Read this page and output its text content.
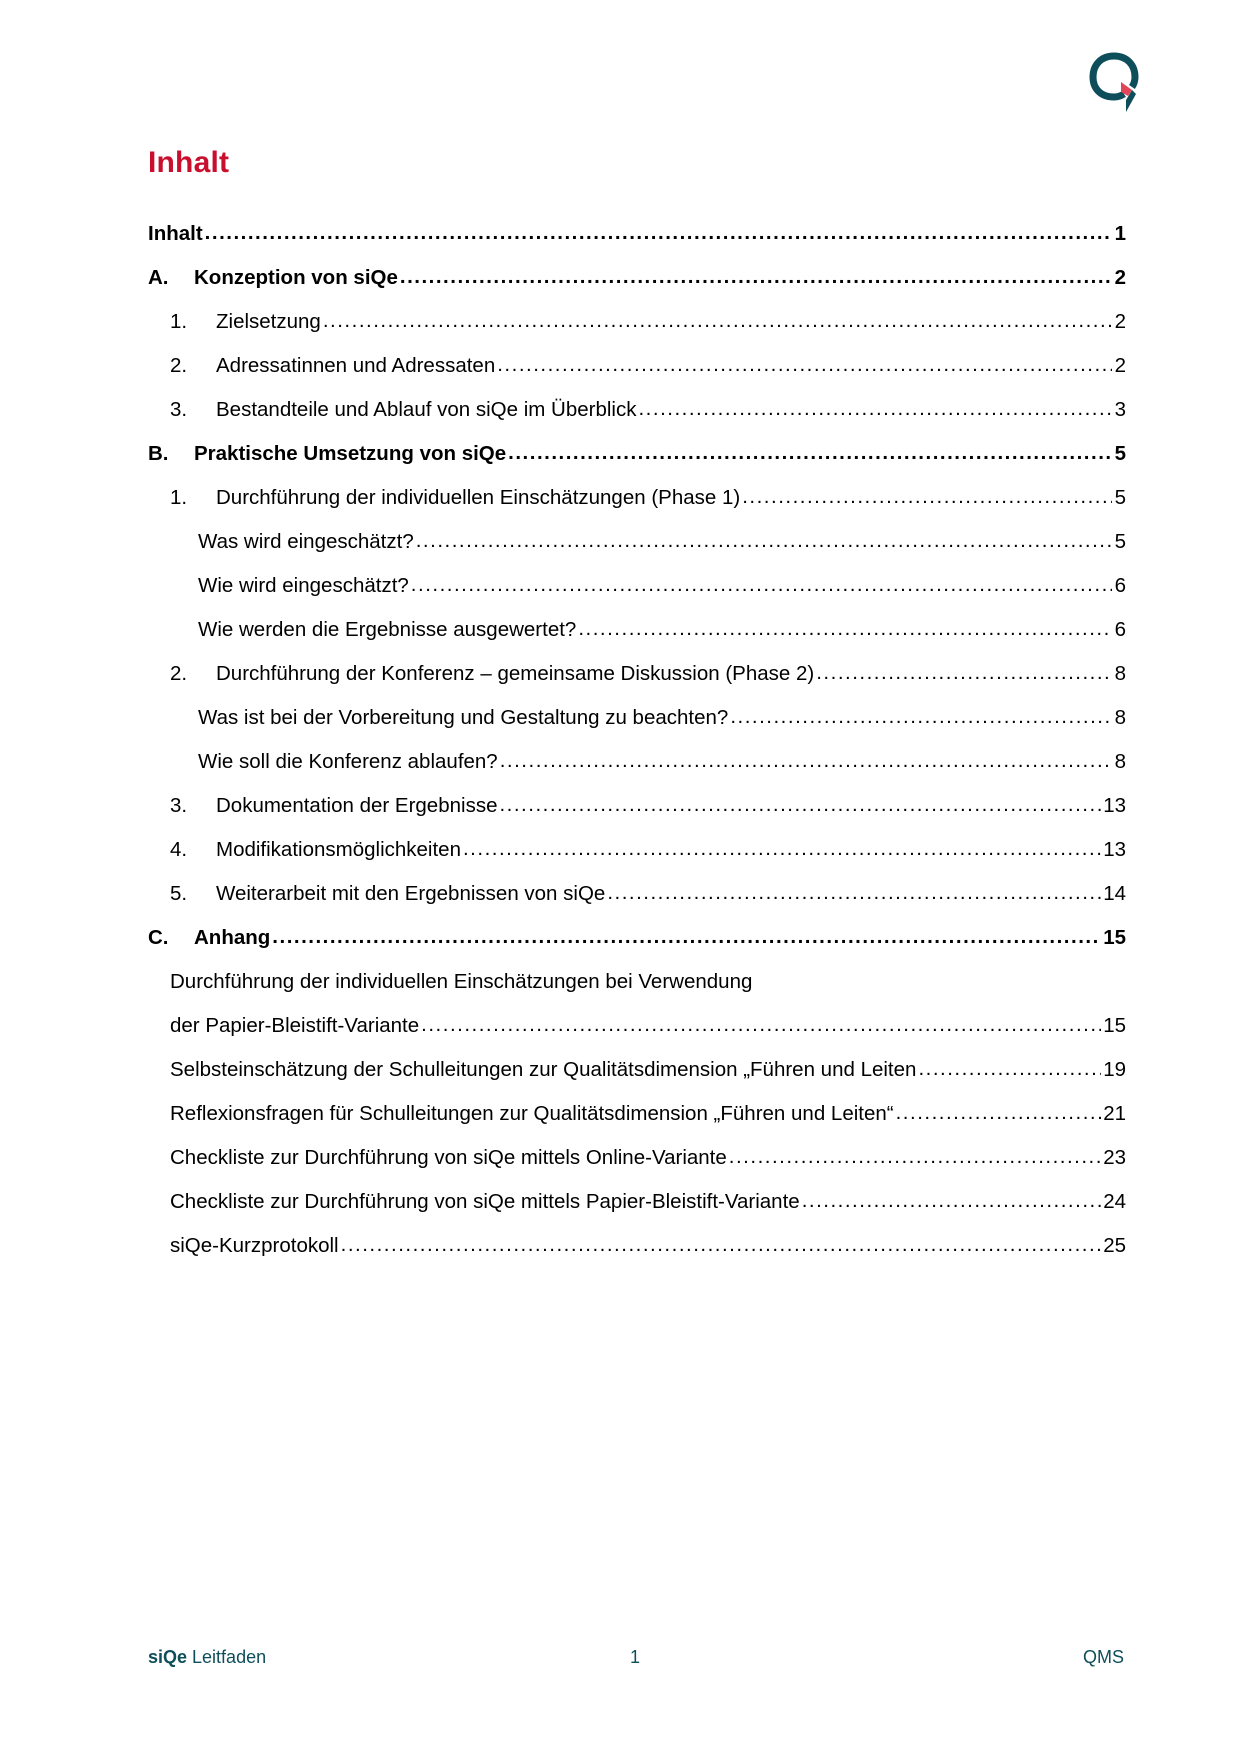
Inhalt
Inhalt .....	1
A.	Konzeption von siQe .....	2
1.	Zielsetzung .....	2
2.	Adressatinnen und Adressaten .....	2
3.	Bestandteile und Ablauf von siQe im Überblick .....	3
B.	Praktische Umsetzung von siQe .....	5
1.	Durchführung der individuellen Einschätzungen (Phase 1) .....	5
Was wird eingeschätzt? .....	5
Wie wird eingeschätzt? .....	6
Wie werden die Ergebnisse ausgewertet? .....	6
2.	Durchführung der Konferenz – gemeinsame Diskussion (Phase 2) .....	8
Was ist bei der Vorbereitung und Gestaltung zu beachten? .....	8
Wie soll die Konferenz ablaufen? .....	8
3.	Dokumentation der Ergebnisse .....	13
4.	Modifikationsmöglichkeiten .....	13
5.	Weiterarbeit mit den Ergebnissen von siQe .....	14
C.	Anhang .....	15
Durchführung der individuellen Einschätzungen bei Verwendung
der Papier-Bleistift-Variante .....	15
Selbsteinschätzung der Schulleitungen zur Qualitätsdimension „Führen und Leiten .....	19
Reflexionsfragen für Schulleitungen zur Qualitätsdimension „Führen und Leiten“ .....	21
Checkliste zur Durchführung von siQe mittels Online-Variante .....	23
Checkliste zur Durchführung von siQe mittels Papier-Bleistift-Variante .....	24
siQe-Kurzprotokoll .....	25
siQe Leitfaden	1	QMS
